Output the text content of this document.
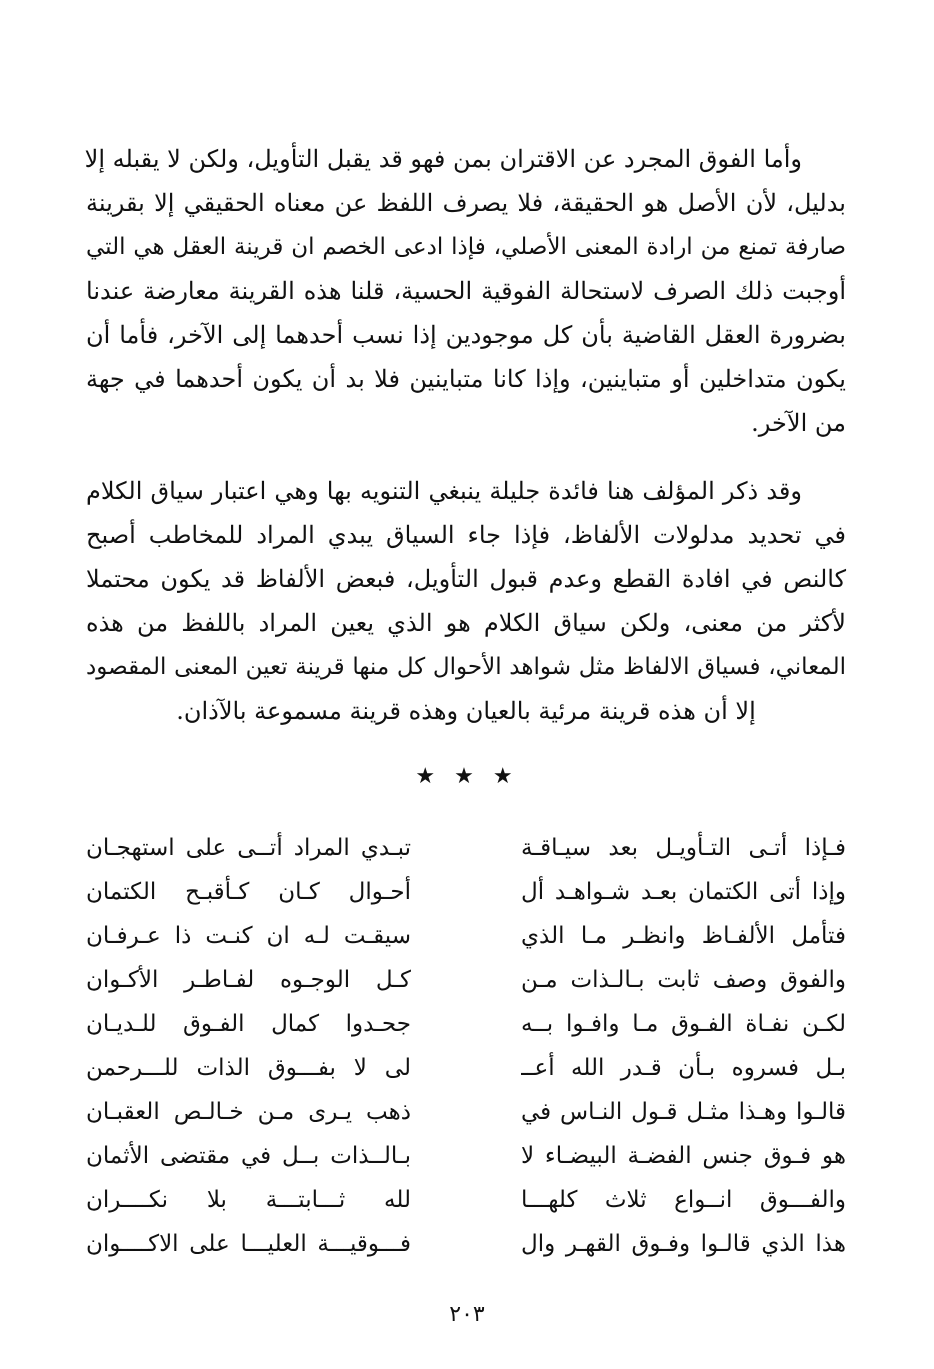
وأما الفوق المجرد عن الاقتران بمن فهو قد يقبل التأويل، ولكن لا يقبله إلا
بدليل، لأن الأصل هو الحقيقة، فلا يصرف اللفظ عن معناه الحقيقي إلا بقرينة
صارفة تمنع من ارادة المعنى الأصلي، فإذا ادعى الخصم ان قرينة العقل هي التي
أوجبت ذلك الصرف لاستحالة الفوقية الحسية، قلنا هذه القرينة معارضة عندنا
بضرورة العقل القاضية بأن كل موجودين إذا نسب أحدهما إلى الآخر، فأما أن
يكون متداخلين أو متباينين، وإذا كانا متباينين فلا بد أن يكون أحدهما في جهة
من الآخر.
وقد ذكر المؤلف هنا فائدة جليلة ينبغي التنويه بها وهي اعتبار سياق الكلام
في تحديد مدلولات الألفاظ، فإذا جاء السياق يبدي المراد للمخاطب أصبح
كالنص في افادة القطع وعدم قبول التأويل، فبعض الألفاظ قد يكون محتملا
لأكثر من معنى، ولكن سياق الكلام هو الذي يعين المراد باللفظ من هذه
المعاني، فسياق الالفاظ مثل شواهد الأحوال كل منها قرينة تعين المعنى المقصود
إلا أن هذه قرينة مرئية بالعيان وهذه قرينة مسموعة بالآذان.
★ ★ ★
فـإذا أتـى التـأويـل بعد سيـاقـة
تبـدي المراد أتــى على استهجـان
وإذا أتى الكتمان بعـد شـواهـد أل
أحـوال كـان كـأقبـح الكتمان
فتأمل الألفـاظ وانظـر مـا الذي
سيقـت لـه ان كنـت ذا عـرفـان
والفوق وصف ثابت بـالـذات مـن
كـل الوجـوه لفـاطـر الأكـوان
لكـن نفـاة الفـوق مـا وافـوا بــه
جحـدوا كمال الفـوق للـديـان
بـل فسروه بـأن قـدر الله أعــ
لى لا بفـــوق الذات للـــرحمن
قالـوا وهـذا مثـل قـول النـاس في
ذهب يـرى مـن خـالـص العقبـان
هو فـوق جنس الفضـة البيضـاء لا
بـالــذات بــل في مقتضى الأثمان
والفـــوق انــواع ثلاث كلهـــا
لله ثـــابتـــة بلا نكــــران
هذا الذي قالـوا وفـوق القهـر وال
فـــوقيـــة العليـــا على الاكــــوان
٢٠٣
